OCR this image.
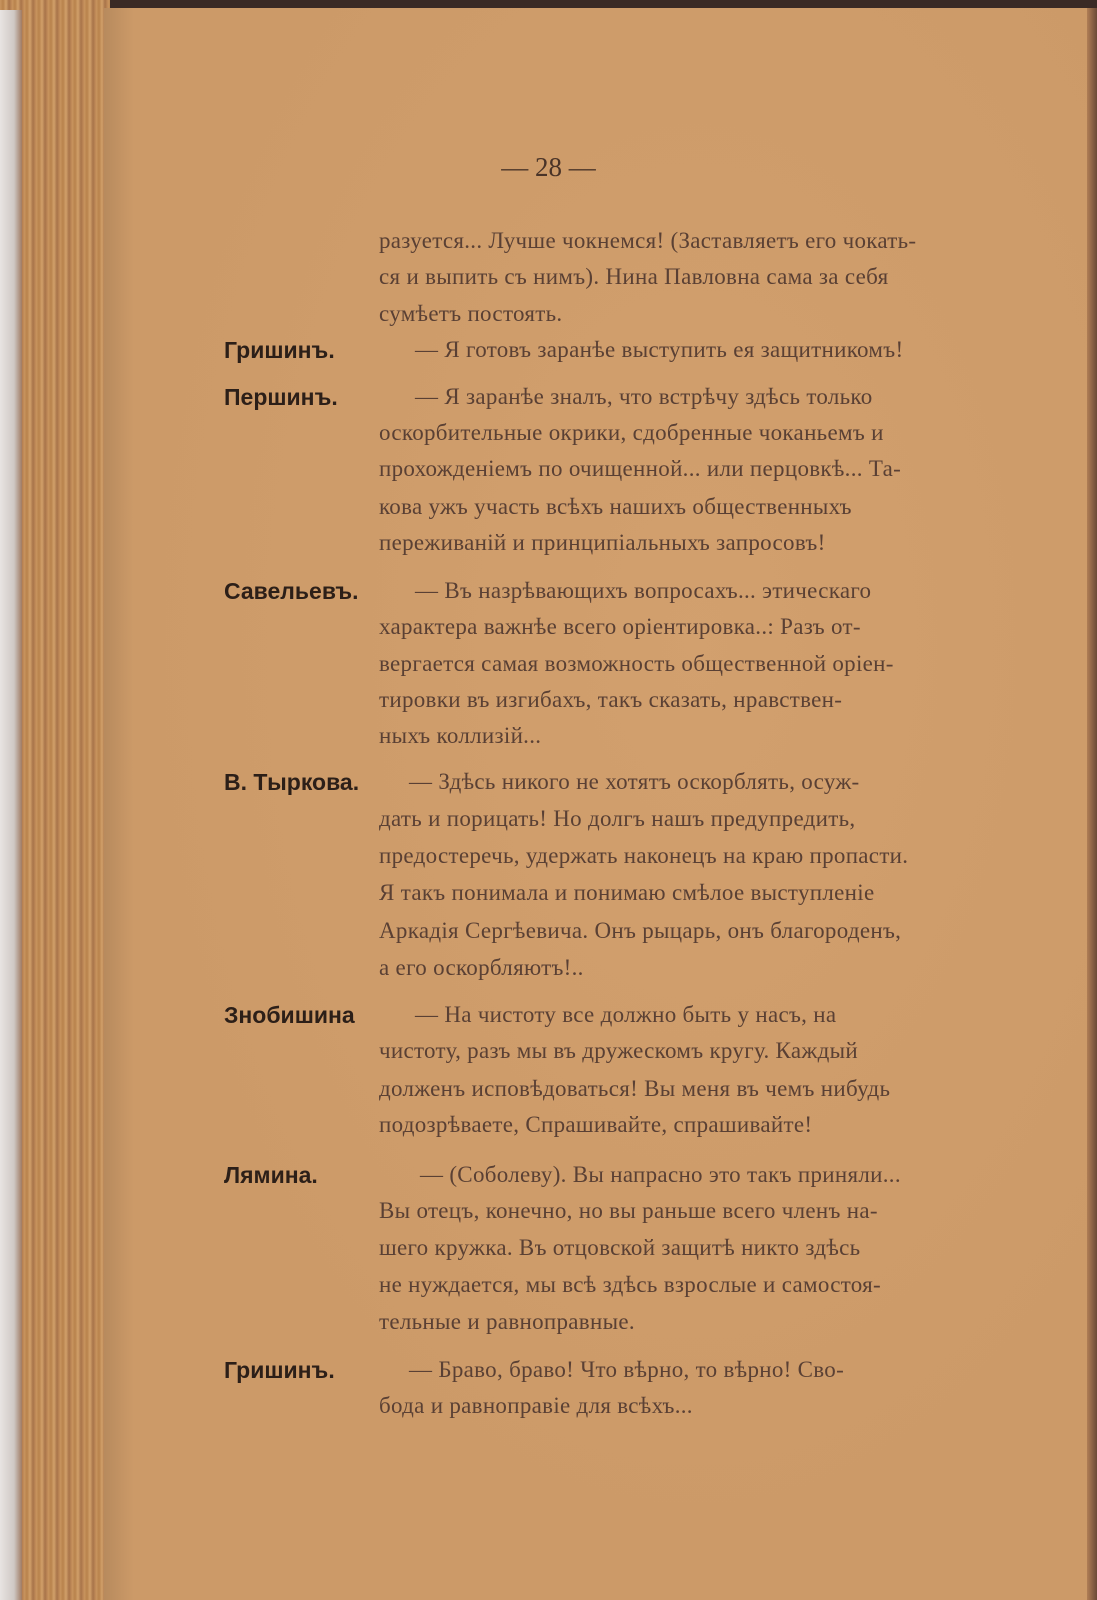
— 28 —
разуется... Лучше чокнемся! (Заставляетъ его чокать-
ся и выпить съ нимъ). Нина Павловна сама за себя
сумѣетъ постоять.
Гришинъ.	— Я готовъ заранѣе выступить ея защитникомъ!
Першинъ.	— Я заранѣе зналъ, что встрѣчу здѣсь только
оскорбительные окрики, сдобренные чоканьемъ и
прохожденіемъ по очищенной... или перцовкѣ... Та-
кова ужъ участь всѣхъ нашихъ общественныхъ
переживаній и принципіальныхъ запросовъ!
Савельевъ. — Въ назрѣвающихъ вопросахъ... этическаго
характера важнѣе всего оріентировка..: Разъ от-
вергается самая возможность общественной оріен-
тировки въ изгибахъ, такъ сказать, нравствен-
ныхъ коллизій...
В. Тыркова. — Здѣсь никого не хотятъ оскорблять, осуж-
дать и порицать! Но долгъ нашъ предупредить,
предостеречь, удержать наконецъ на краю пропасти.
Я такъ понимала и понимаю смѣлое выступленіе
Аркадія Сергѣевича. Онъ рыцарь, онъ благороденъ,
а его оскорбляютъ!..
Знобишина	— На чистоту все должно быть у насъ, на
чистоту, разъ мы въ дружескомъ кругу. Каждый
долженъ исповѣдоваться! Вы меня въ чемъ нибудь
подозрѣваете, Спрашивайте, спрашивайте!
Лямина.	— (Соболеву). Вы напрасно это такъ приняли...
Вы отецъ, конечно, но вы раньше всего членъ на-
шего кружка. Въ отцовской защитѣ никто здѣсь
не нуждается, мы всѣ здѣсь взрослые и самостоя-
тельные и равноправные.
Гришинъ.	— Браво, браво! Что вѣрно, то вѣрно! Сво-
бода и равноправіе для всѣхъ...
